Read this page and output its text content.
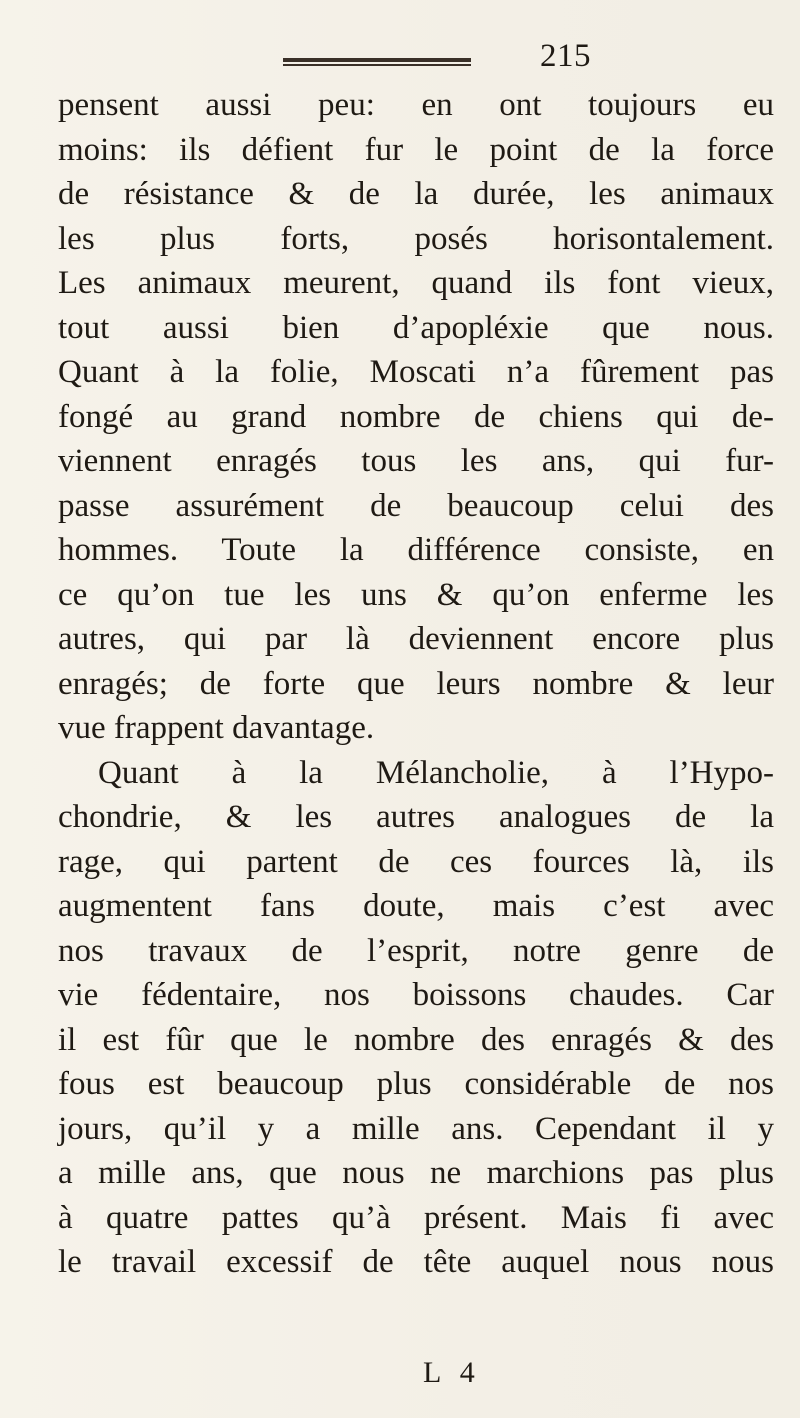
215
pensent aussi peu: en ont toujours eu
moins: ils défient fur le point de la force
de résistance & de la durée, les animaux
les plus forts, posés horisontalement.
Les animaux meurent, quand ils font vieux,
tout aussi bien d’apopléxie que nous.
Quant à la folie, Moscati n’a fûrement pas
fongé au grand nombre de chiens qui de-
viennent enragés tous les ans, qui fur-
passe assurément de beaucoup celui des
hommes. Toute la différence consiste, en
ce qu’on tue les uns & qu’on enferme les
autres, qui par là deviennent encore plus
enragés; de forte que leurs nombre & leur
vue frappent davantage.
Quant à la Mélancholie, à l’Hypo-
chondrie, & les autres analogues de la
rage, qui partent de ces fources là, ils
augmentent fans doute, mais c’est avec
nos travaux de l’esprit, notre genre de
vie fédentaire, nos boissons chaudes. Car
il est fûr que le nombre des enragés & des
fous est beaucoup plus considérable de nos
jours, qu’il y a mille ans. Cependant il y
a mille ans, que nous ne marchions pas plus
à quatre pattes qu’à présent. Mais fi avec
le travail excessif de tête auquel nous nous
L 4
